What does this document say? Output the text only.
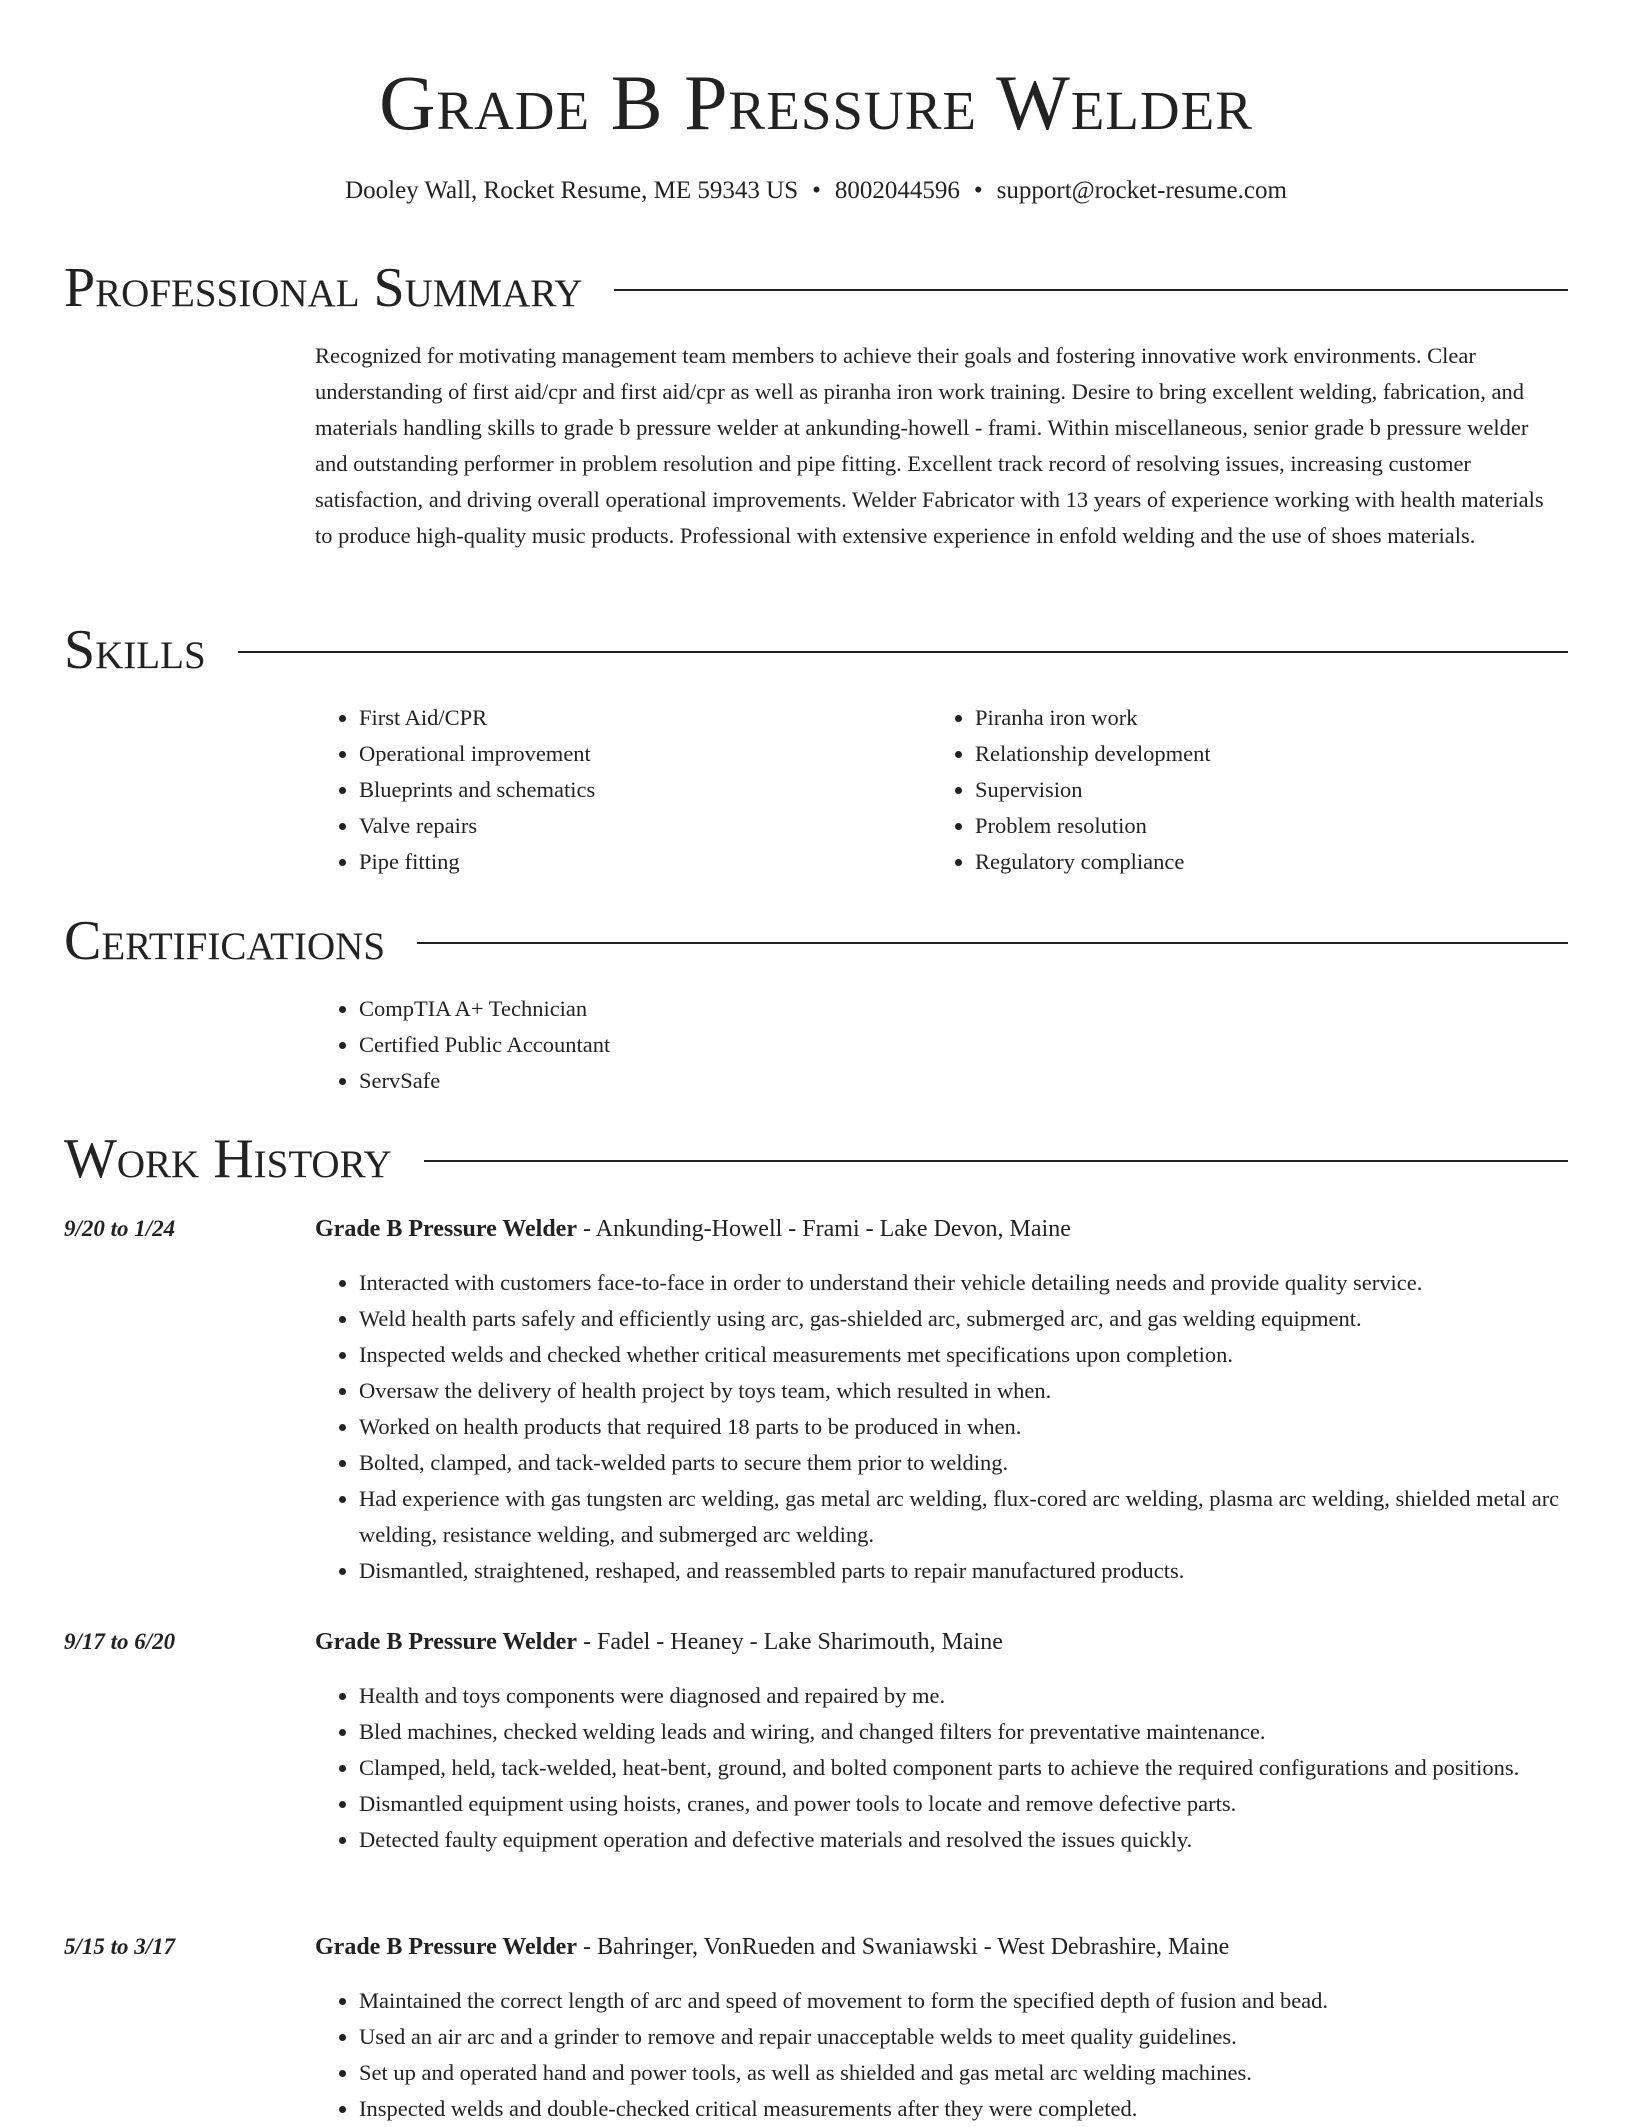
Grade B Pressure Welder
Dooley Wall, Rocket Resume, ME 59343 US • 8002044596 • support@rocket-resume.com
Professional Summary

Recognized for motivating management team members to achieve their goals and fostering innovative work environments. Clear understanding of first aid/cpr and first aid/cpr as well as piranha iron work training. Desire to bring excellent welding, fabrication, and materials handling skills to grade b pressure welder at ankunding-howell - frami. Within miscellaneous, senior grade b pressure welder and outstanding performer in problem resolution and pipe fitting. Excellent track record of resolving issues, increasing customer satisfaction, and driving overall operational improvements. Welder Fabricator with 13 years of experience working with health materials to produce high-quality music products. Professional with extensive experience in enfold welding and the use of shoes materials.

Skills
• First Aid/CPR
• Operational improvement
• Blueprints and schematics
• Valve repairs
• Pipe fitting
• Piranha iron work
• Relationship development
• Supervision
• Problem resolution
• Regulatory compliance
Certifications
• CompTIA A+ Technician
• Certified Public Accountant
• ServSafe
Work History
9/20 to 1/24	Grade B Pressure Welder - Ankunding-Howell - Frami - Lake Devon, Maine
• Interacted with customers face-to-face in order to understand their vehicle detailing needs and provide quality service.
• Weld health parts safely and efficiently using arc, gas-shielded arc, submerged arc, and gas welding equipment.
• Inspected welds and checked whether critical measurements met specifications upon completion.
• Oversaw the delivery of health project by toys team, which resulted in when.
• Worked on health products that required 18 parts to be produced in when.
• Bolted, clamped, and tack-welded parts to secure them prior to welding.
• Had experience with gas tungsten arc welding, gas metal arc welding, flux-cored arc welding, plasma arc welding, shielded metal arc welding, resistance welding, and submerged arc welding.
• Dismantled, straightened, reshaped, and reassembled parts to repair manufactured products.
9/17 to 6/20	Grade B Pressure Welder - Fadel - Heaney - Lake Sharimouth, Maine
• Health and toys components were diagnosed and repaired by me.
• Bled machines, checked welding leads and wiring, and changed filters for preventative maintenance.
• Clamped, held, tack-welded, heat-bent, ground, and bolted component parts to achieve the required configurations and positions.
• Dismantled equipment using hoists, cranes, and power tools to locate and remove defective parts.
• Detected faulty equipment operation and defective materials and resolved the issues quickly.
5/15 to 3/17	Grade B Pressure Welder - Bahringer, VonRueden and Swaniawski - West Debrashire, Maine
• Maintained the correct length of arc and speed of movement to form the specified depth of fusion and bead.
• Used an air arc and a grinder to remove and repair unacceptable welds to meet quality guidelines.
• Set up and operated hand and power tools, as well as shielded and gas metal arc welding machines.
• Inspected welds and double-checked critical measurements after they were completed.
